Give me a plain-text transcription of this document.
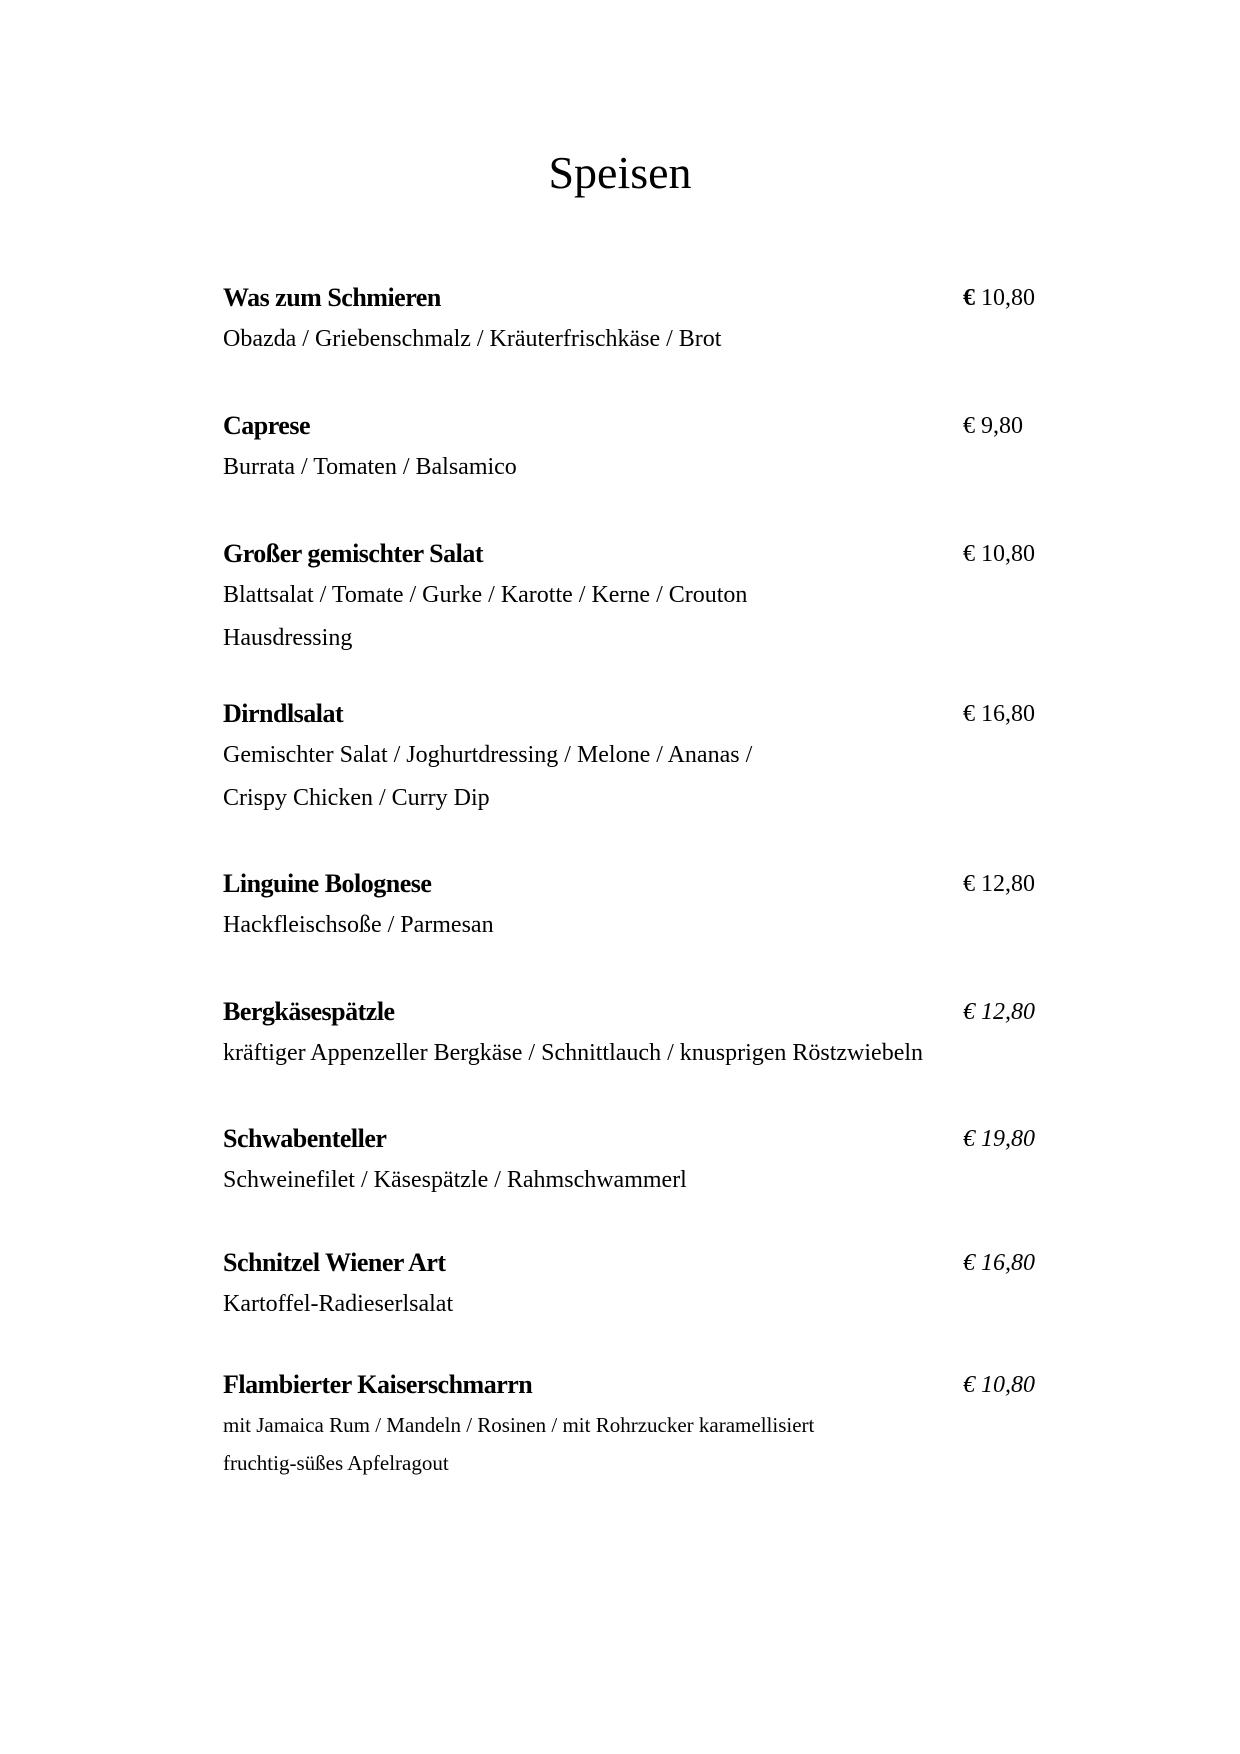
Speisen
Was zum Schmieren	€ 10,80
Obazda / Griebenschmalz / Kräuterfrischkäse / Brot
Caprese	€ 9,80
Burrata / Tomaten / Balsamico
Großer gemischter Salat	€ 10,80
Blattsalat / Tomate / Gurke / Karotte / Kerne / Crouton
Hausdressing
Dirndlsalat	€ 16,80
Gemischter Salat / Joghurtdressing / Melone / Ananas /
Crispy Chicken / Curry Dip
Linguine Bolognese	€ 12,80
Hackfleischsoße / Parmesan
Bergkäsespätzle	€ 12,80
kräftiger Appenzeller Bergkäse / Schnittlauch / knusprigen Röstzwiebeln
Schwabenteller	€ 19,80
Schweinefilet / Käsespätzle / Rahmschwammerl
Schnitzel Wiener Art	€ 16,80
Kartoffel-Radieserlsalat
Flambierter Kaiserschmarrn	€ 10,80
mit Jamaica Rum / Mandeln / Rosinen / mit Rohrzucker karamellisiert
fruchtig-süßes Apfelragout
